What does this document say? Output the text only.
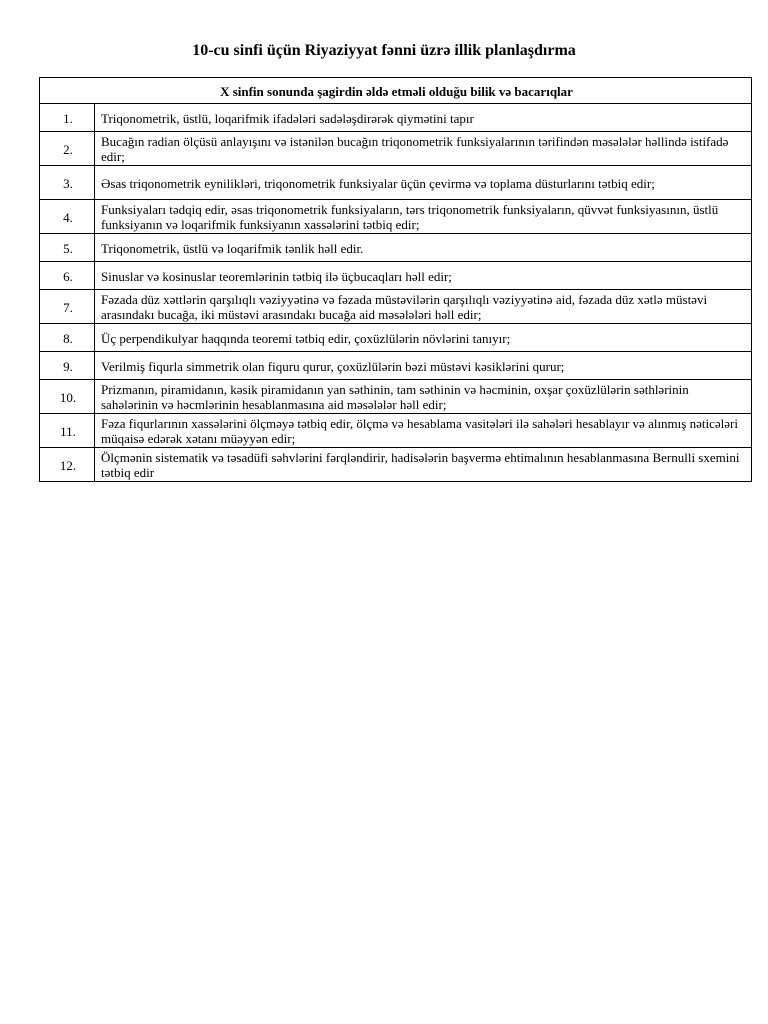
10-cu sinfi üçün Riyaziyyat fənni üzrə illik planlaşdırma
X sinfin sonunda şagirdin əldə etməli olduğu bilik və bacarıqlar	
1.	Triqonometrik, üstlü, loqarifmik ifadələri sadələşdirərək qiymətini tapır
2.	Bucağın radian ölçüsü anlayışını və istənilən bucağın triqonometrik funksiyalarının tərifindən məsələlər həllində istifadə edir;
3.	Əsas triqonometrik eynilikləri, triqonometrik funksiyalar üçün çevirmə və toplama düsturlarını tətbiq edir;
4.	Funksiyaları tədqiq edir, əsas triqonometrik funksiyaların, tərs triqonometrik funksiyaların, qüvvət funksiyasının, üstlü funksiyanın və loqarifmik funksiyanın xassələrini tətbiq edir;
5.	Triqonometrik, üstlü və loqarifmik tənlik həll edir.
6.	Sinuslar və kosinuslar teoremlərinin tətbiq ilə üçbucaqları həll edir;
7.	Fəzada düz xəttlərin qarşılıqlı vəziyyətinə və fəzada müstəvilərin qarşılıqlı vəziyyətinə aid, fəzada düz xətlə müstəvi arasındakı bucağa, iki müstəvi arasındakı bucağa aid məsələləri həll edir;
8.	Üç perpendikulyar haqqında teoremi tətbiq edir, çoxüzlülərin növlərini tanıyır;
9.	Verilmiş fiqurla simmetrik olan fiquru qurur, çoxüzlülərin bəzi müstəvi kəsiklərini qurur;
10.	Prizmanın, piramidanın, kəsik piramidanın yan səthinin, tam səthinin və həcminin, oxşar çoxüzlülərin səthlərinin sahələrinin və həcmlərinin hesablanmasına aid məsələlər həll edir;
11.	Fəza fiqurlarının xassələrini ölçməyə tətbiq edir, ölçmə və hesablama vasitələri ilə sahələri hesablayır və alınmış nəticələri müqaisə edərək xətanı müəyyən edir;
12.	Ölçmənin sistematik və təsadüfi səhvlərini fərqləndirir, hadisələrin başvermə ehtimalının hesablanmasına Bernulli sxemini tətbiq edir
